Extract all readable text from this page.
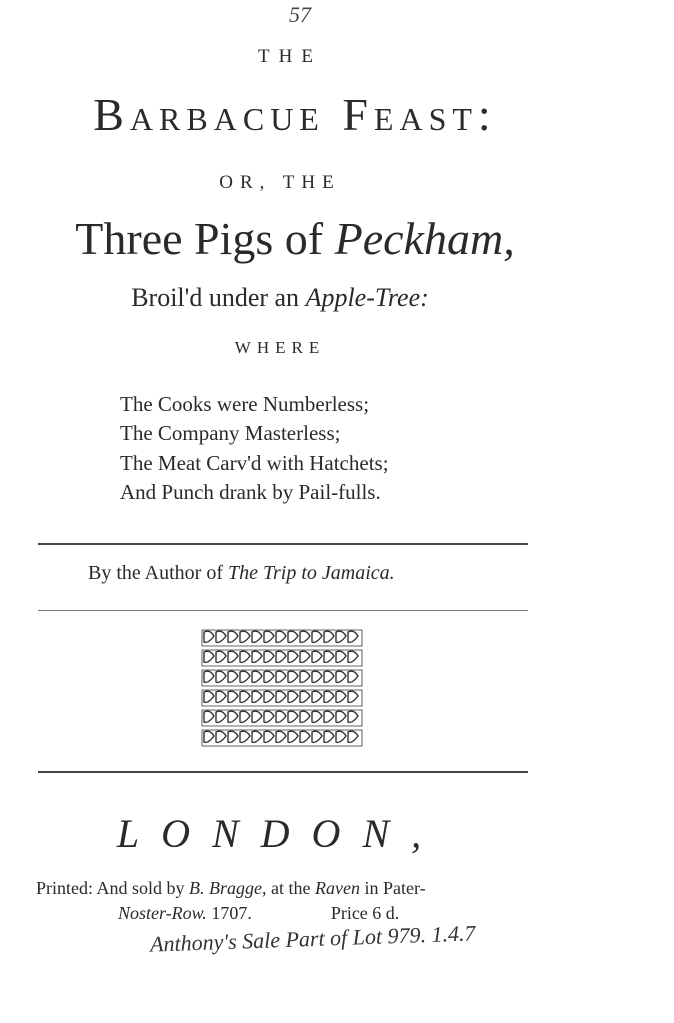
57
THE
Barbacue Feast:
OR, THE
Three Pigs of Peckham,
Broil'd under an Apple-Tree:
WHERE
The Cooks were Numberless;
The Company Masterless;
The Meat Carv'd with Hatchets;
And Punch drank by Pail-fulls.
By the Author of The Trip to Jamaica.
LONDON,
Printed: And sold by B. Bragge, at the Raven in Pater-
Noster-Row. 1707.	Price 6 d.
Anthony's Sale Part of Lot 979. 1.4.7
